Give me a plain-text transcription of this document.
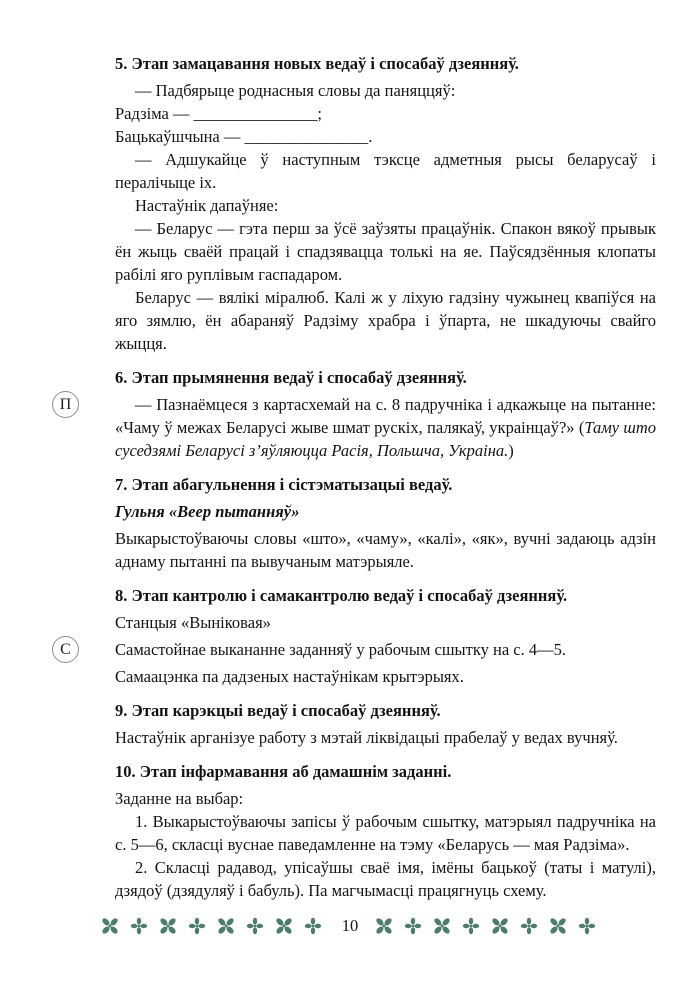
5. Этап замацавання новых ведаў і спосабаў дзеянняў.

— Падбярыце роднасныя словы да паняццяў:

Радзіма — _______________;

Бацькаўшчына — _______________.

— Адшукайце ў наступным тэксце адметныя рысы беларусаў і пералічыце іх.

Настаўнік дапаўняе:

— Беларус — гэта перш за ўсё заўзяты працаўнік. Спакон вякоў прывык ён жыць сваёй працай і спадзявацца толькі на яе. Паўсядзённыя клопаты рабілі яго руплівым гаспадаром.

Беларус — вялікі міралюб. Калі ж у ліхую гадзіну чужынец квапіўся на яго зямлю, ён абараняў Радзіму храбра і ўпарта, не шкадуючы свайго жыцця.

6. Этап прымянення ведаў і спосабаў дзеянняў.

— Пазнаёмцеся з картасхемай на с. 8 падручніка і адкажыце на пытанне: «Чаму ў межах Беларусі жыве шмат рускіх, палякаў, украінцаў?» (Таму што суседзямі Беларусі з’яўляюцца Расія, Польшча, Украіна.)

7. Этап абагульнення і сістэматызацыі ведаў.

Гульня «Веер пытанняў»

Выкарыстоўваючы словы «што», «чаму», «калі», «як», вучні задаюць адзін аднаму пытанні па вывучаным матэрыяле.

8. Этап кантролю і самакантролю ведаў і спосабаў дзеянняў.

Станцыя «Выніковая»

Самастойнае выкананне заданняў у рабочым сшытку на с. 4—5.

Самаацэнка па дадзеных настаўнікам крытэрыях.

9. Этап карэкцыі ведаў і спосабаў дзеянняў.

Настаўнік арганізуе работу з мэтай ліквідацыі прабелаў у ведах вучняў.

10. Этап інфармавання аб дамашнім заданні.

Заданне на выбар:

1. Выкарыстоўваючы запісы ў рабочым сшытку, матэрыял падручніка на с. 5—6, скласці вуснае паведамленне на тэму «Беларусь — мая Радзіма».

2. Скласці радавод, упісаўшы сваё імя, імёны бацькоў (таты і матулі), дзядоў (дзядуляў і бабуль). Па магчымасці працягнуць схему.

П
С
10
